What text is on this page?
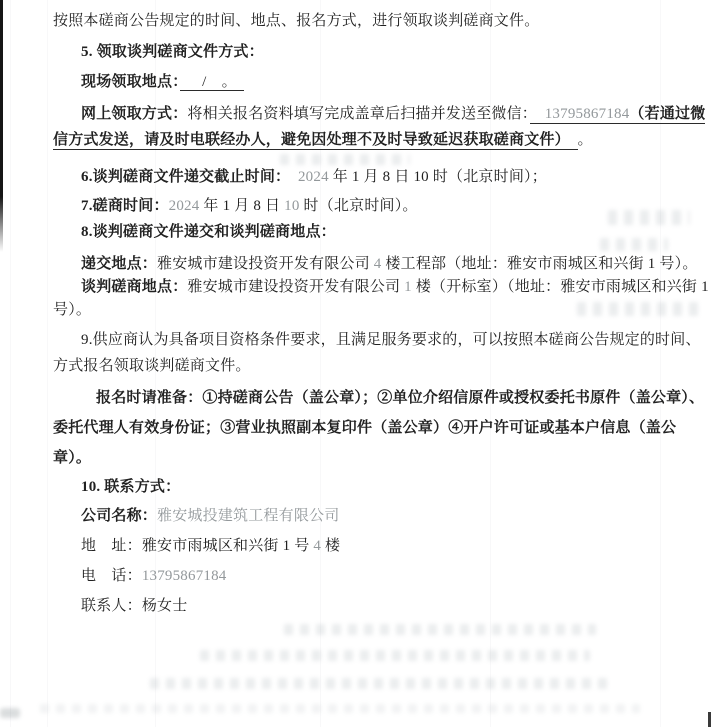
按照本磋商公告规定的时间、地点、报名方式，进行领取谈判磋商文件。

5. 领取谈判磋商文件方式：

现场领取地点：　/　。

网上领取方式：将相关报名资料填写完成盖章后扫描并发送至微信：　13795867184（若通过微信方式发送，请及时电联经办人，避免因处理不及时导致延迟获取磋商文件）　。

6.谈判磋商文件递交截止时间：　2024 年 1 月 8 日 10 时（北京时间）；

7.磋商时间：2024 年 1 月 8 日 10 时（北京时间）。

8.谈判磋商文件递交和谈判磋商地点：

递交地点：雅安城市建设投资开发有限公司 4 楼工程部（地址：雅安市雨城区和兴街 1 号）。

谈判磋商地点：雅安城市建设投资开发有限公司 1 楼（开标室）（地址：雅安市雨城区和兴街 1 号）。

9.供应商认为具备项目资格条件要求，且满足服务要求的，可以按照本磋商公告规定的时间、方式报名领取谈判磋商文件。

报名时请准备：①持磋商公告（盖公章）；②单位介绍信原件或授权委托书原件（盖公章）、委托代理人有效身份证；③营业执照副本复印件（盖公章）④开户许可证或基本户信息（盖公章）。

10. 联系方式：

公司名称：雅安城投建筑工程有限公司

地　址：雅安市雨城区和兴街 1 号 4 楼

电　话：13795867184

联系人：杨女士
